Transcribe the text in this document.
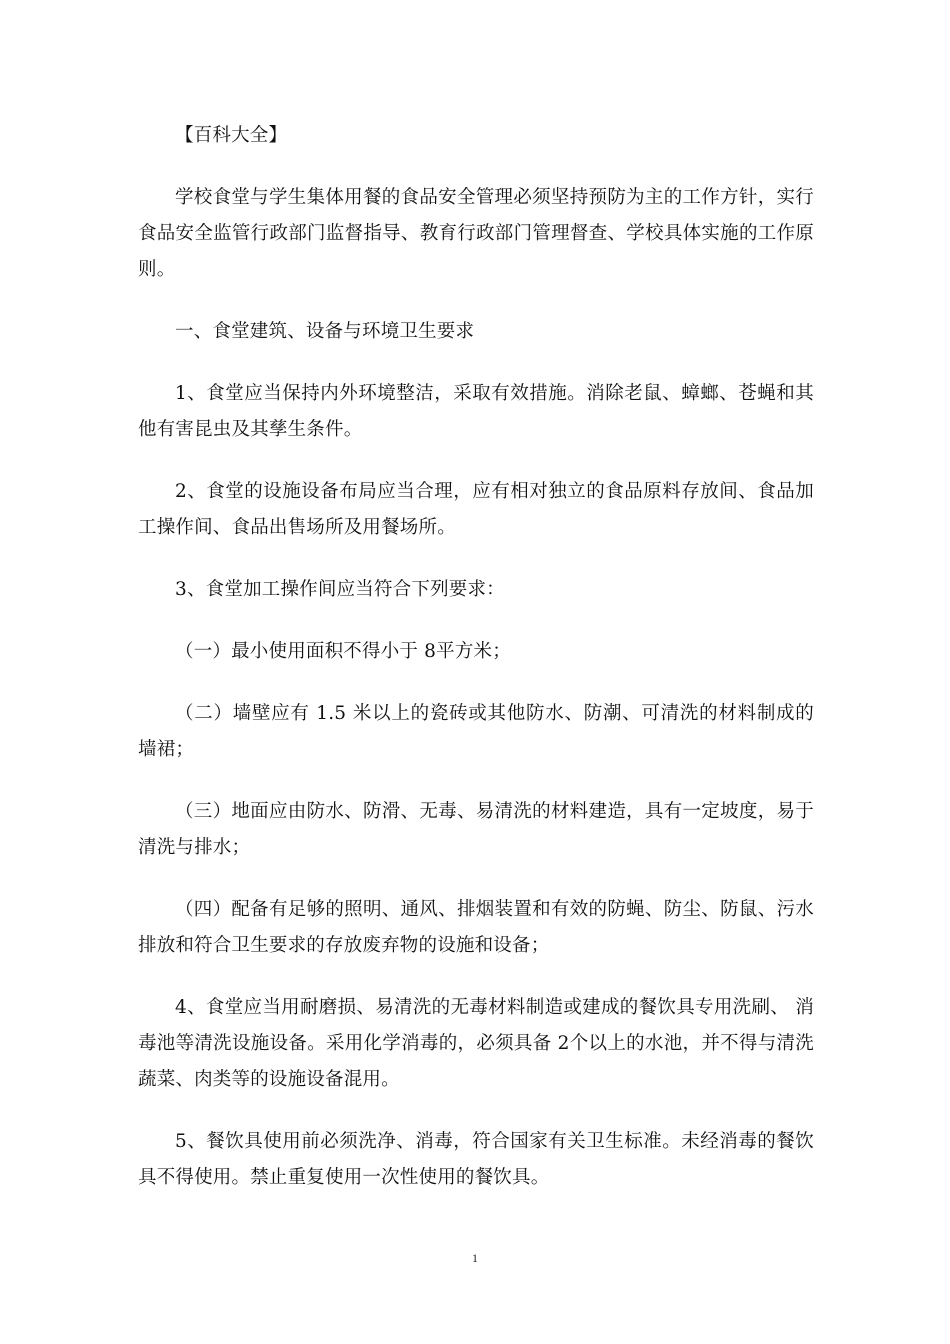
【百科大全】

学校食堂与学生集体用餐的食品安全管理必须坚持预防为主的工作方针，实行食品安全监管行政部门监督指导、教育行政部门管理督查、学校具体实施的工作原则。

一、食堂建筑、设备与环境卫生要求

1、食堂应当保持内外环境整洁，采取有效措施。消除老鼠、蟑螂、苍蝇和其他有害昆虫及其孳生条件。

2、食堂的设施设备布局应当合理，应有相对独立的食品原料存放间、食品加工操作间、食品出售场所及用餐场所。

3、食堂加工操作间应当符合下列要求：

（一）最小使用面积不得小于 8平方米；

（二）墙壁应有 1.5 米以上的瓷砖或其他防水、防潮、可清洗的材料制成的墙裙；

（三）地面应由防水、防滑、无毒、易清洗的材料建造，具有一定坡度，易于清洗与排水；

（四）配备有足够的照明、通风、排烟装置和有效的防蝇、防尘、防鼠、污水排放和符合卫生要求的存放废弃物的设施和设备；

4、食堂应当用耐磨损、易清洗的无毒材料制造或建成的餐饮具专用洗刷、 消毒池等清洗设施设备。采用化学消毒的，必须具备 2个以上的水池，并不得与清洗蔬菜、肉类等的设施设备混用。

5、餐饮具使用前必须洗净、消毒，符合国家有关卫生标准。未经消毒的餐饮具不得使用。禁止重复使用一次性使用的餐饮具。

1
